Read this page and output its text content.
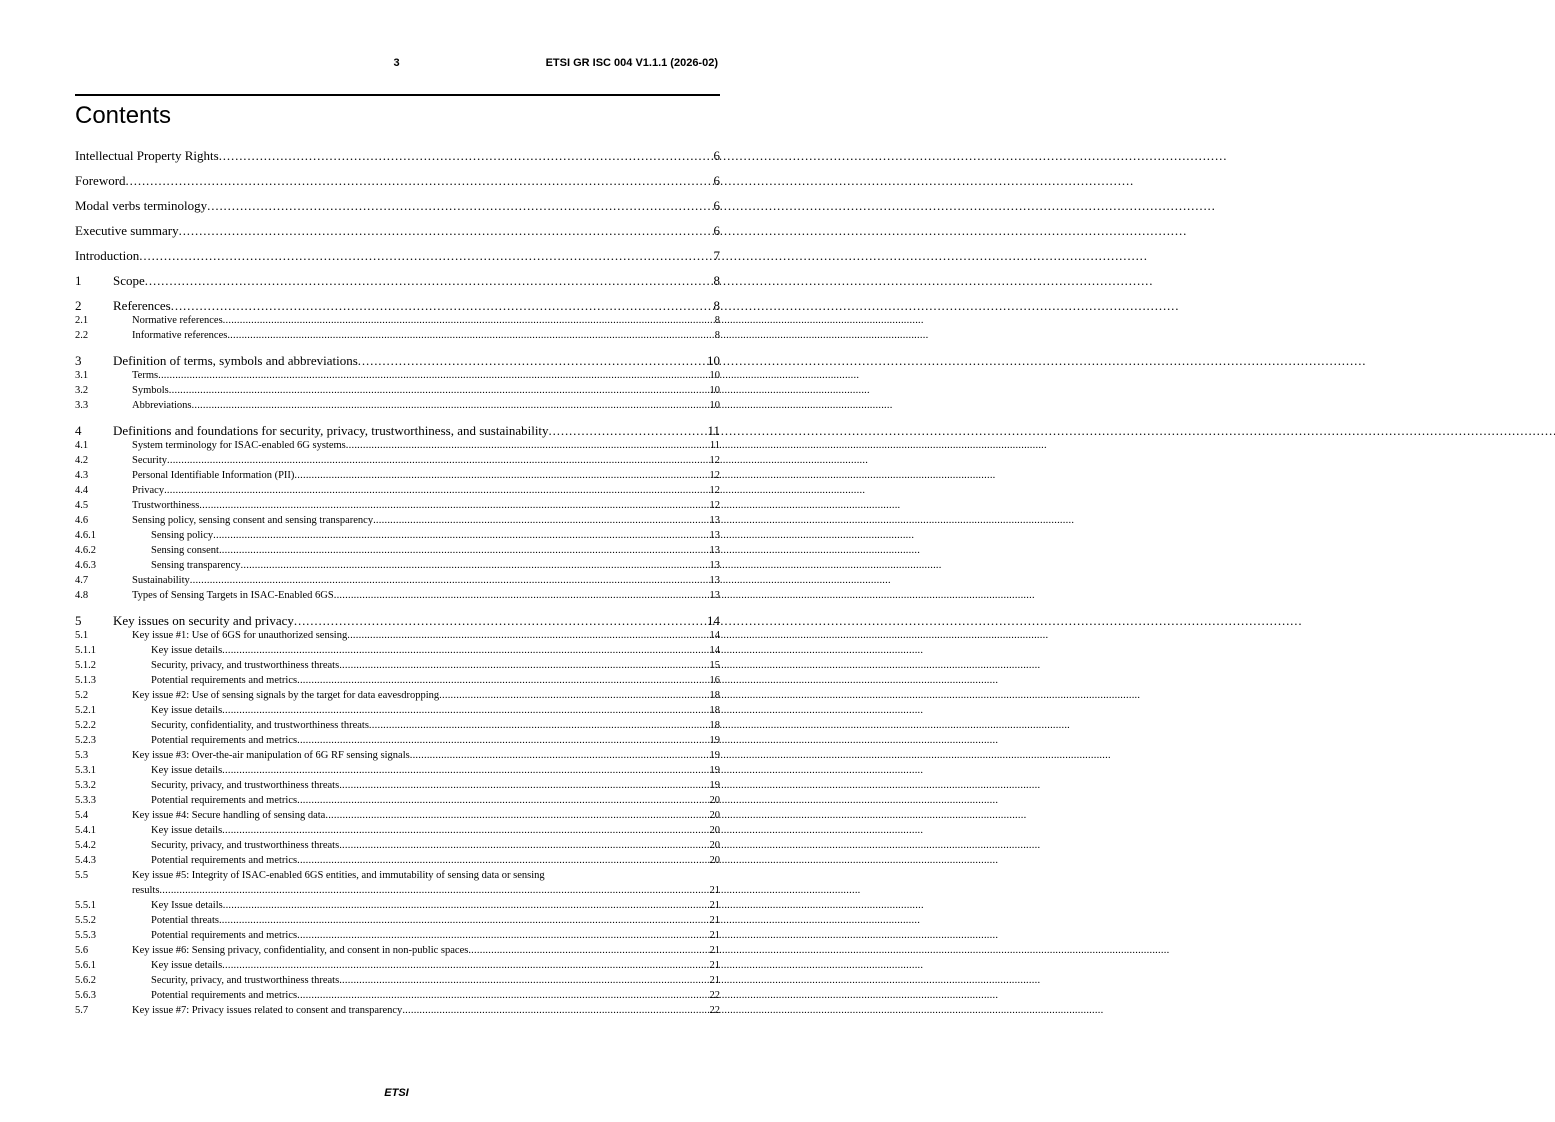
3	ETSI GR ISC 004 V1.1.1 (2026-02)
Contents
Intellectual Property Rights . . .	6
Foreword . . .	6
Modal verbs terminology . . .	6
Executive summary . . .	6
Introduction . . .	7
1	Scope . . .	8
2	References . . .	8
2.1	Normative references . . .	8
2.2	Informative references . . .	8
3	Definition of terms, symbols and abbreviations . . .	10
3.1	Terms . . .	10
3.2	Symbols . . .	10
3.3	Abbreviations . . .	10
4	Definitions and foundations for security, privacy, trustworthiness, and sustainability . . .	11
4.1	System terminology for ISAC-enabled 6G systems . . .	11
4.2	Security . . .	12
4.3	Personal Identifiable Information (PII) . . .	12
4.4	Privacy . . .	12
4.5	Trustworthiness . . .	12
4.6	Sensing policy, sensing consent and sensing transparency . . .	13
4.6.1	Sensing policy . . .	13
4.6.2	Sensing consent . . .	13
4.6.3	Sensing transparency . . .	13
4.7	Sustainability . . .	13
4.8	Types of Sensing Targets in ISAC-Enabled 6GS . . .	13
5	Key issues on security and privacy . . .	14
5.1	Key issue #1: Use of 6GS for unauthorized sensing . . .	14
5.1.1	Key issue details . . .	14
5.1.2	Security, privacy, and trustworthiness threats . . .	15
5.1.3	Potential requirements and metrics . . .	16
5.2	Key issue #2: Use of sensing signals by the target for data eavesdropping . . .	18
5.2.1	Key issue details . . .	18
5.2.2	Security, confidentiality, and trustworthiness threats . . .	18
5.2.3	Potential requirements and metrics . . .	19
5.3	Key issue #3: Over-the-air manipulation of 6G RF sensing signals . . .	19
5.3.1	Key issue details . . .	19
5.3.2	Security, privacy, and trustworthiness threats . . .	19
5.3.3	Potential requirements and metrics . . .	20
5.4	Key issue #4: Secure handling of sensing data . . .	20
5.4.1	Key issue details . . .	20
5.4.2	Security, privacy, and trustworthiness threats . . .	20
5.4.3	Potential requirements and metrics . . .	20
5.5	Key issue #5: Integrity of ISAC-enabled 6GS entities, and immutability of sensing data or sensing
results . . .	21
5.5.1	Key Issue details . . .	21
5.5.2	Potential threats . . .	21
5.5.3	Potential requirements and metrics . . .	21
5.6	Key issue #6: Sensing privacy, confidentiality, and consent in non-public spaces . . .	21
5.6.1	Key issue details . . .	21
5.6.2	Security, privacy, and trustworthiness threats . . .	21
5.6.3	Potential requirements and metrics . . .	22
5.7	Key issue #7: Privacy issues related to consent and transparency . . .	22
ETSI
